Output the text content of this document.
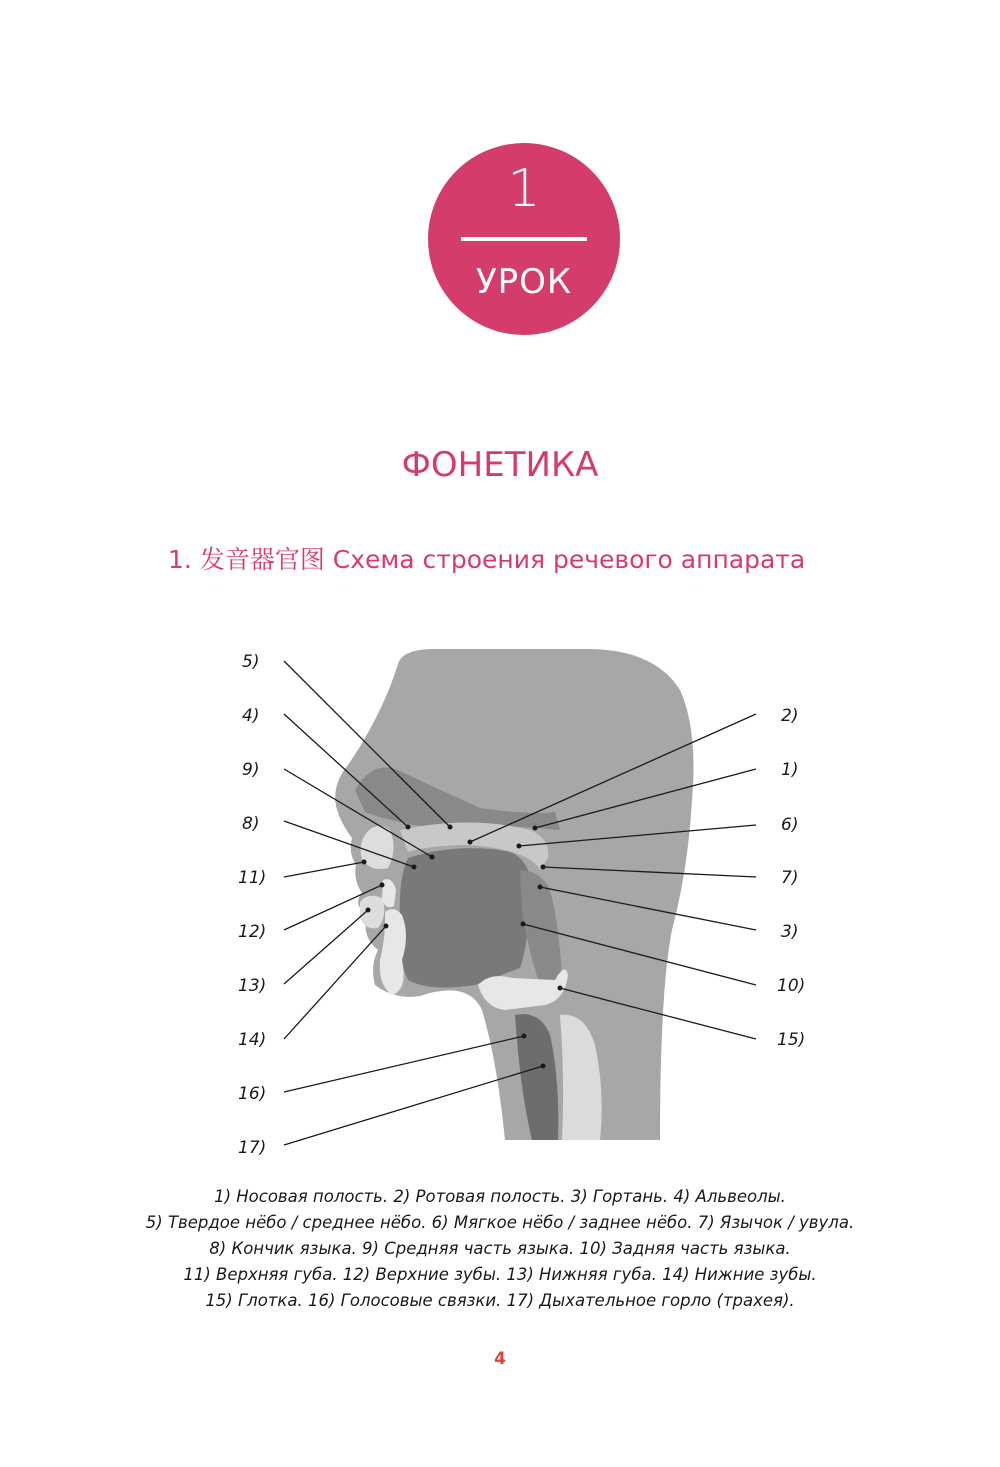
1
УРОК
ФОНЕТИКА
1. 发音器官图 Схема строения речевого аппарата
5)
4)
9)
8)
11)
12)
13)
14)
16)
17)
2)
1)
6)
7)
3)
10)
15)
1) Носовая полость. 2) Ротовая полость. 3) Гортань. 4) Альвеолы.
5) Твердое нёбо / среднее нёбо. 6) Мягкое нёбо / заднее нёбо. 7) Язычок / увула.
8) Кончик языка. 9) Средняя часть языка. 10) Задняя часть языка.
11) Верхняя губа. 12) Верхние зубы. 13) Нижняя губа. 14) Нижние зубы.
15) Глотка. 16) Голосовые связки. 17) Дыхательное горло (трахея).
4
